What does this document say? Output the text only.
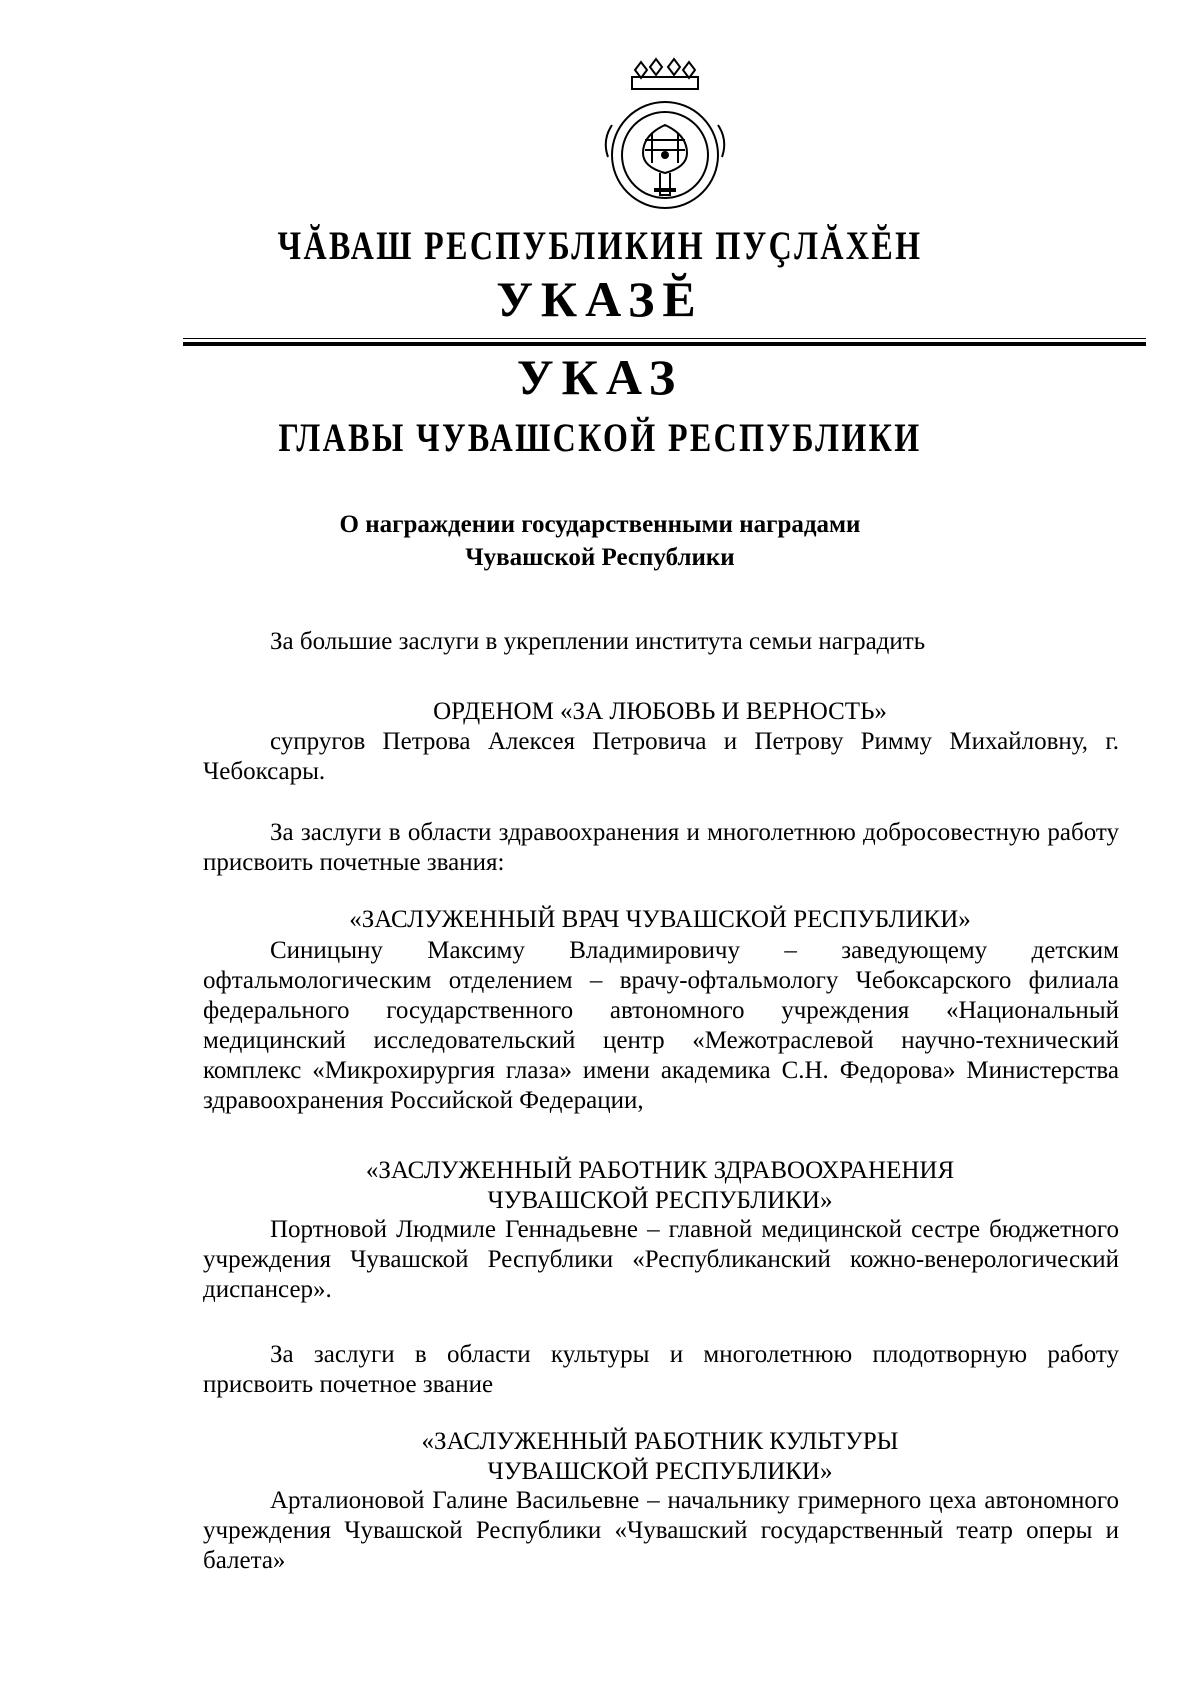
ЧĂВАШ РЕСПУБЛИКИН ПУÇЛĂХĔН
УКАЗĔ
УКАЗ
ГЛАВЫ ЧУВАШСКОЙ РЕСПУБЛИКИ
О награждении государственными наградами
Чувашской Республики

За большие заслуги в укреплении института семьи наградить

ОРДЕНОМ «ЗА ЛЮБОВЬ И ВЕРНОСТЬ»

супругов Петрова Алексея Петровича и Петрову Римму Михайловну, г. Чебоксары.

За заслуги в области здравоохранения и многолетнюю добросовестную работу присвоить почетные звания:

«ЗАСЛУЖЕННЫЙ ВРАЧ ЧУВАШСКОЙ РЕСПУБЛИКИ»

Синицыну Максиму Владимировичу – заведующему детским офтальмологическим отделением – врачу-офтальмологу Чебоксарского филиала федерального государственного автономного учреждения «Национальный медицинский исследовательский центр «Межотраслевой научно-технический комплекс «Микрохирургия глаза» имени академика С.Н. Федорова» Министерства здравоохранения Российской Федерации,

«ЗАСЛУЖЕННЫЙ РАБОТНИК ЗДРАВООХРАНЕНИЯ
ЧУВАШСКОЙ РЕСПУБЛИКИ»

Портновой Людмиле Геннадьевне – главной медицинской сестре бюджетного учреждения Чувашской Республики «Республиканский кожно-венерологический диспансер».

За заслуги в области культуры и многолетнюю плодотворную работу присвоить почетное звание

«ЗАСЛУЖЕННЫЙ РАБОТНИК КУЛЬТУРЫ
ЧУВАШСКОЙ РЕСПУБЛИКИ»

Арталионовой Галине Васильевне – начальнику гримерного цеха автономного учреждения Чувашской Республики «Чувашский государственный театр оперы и балета»
